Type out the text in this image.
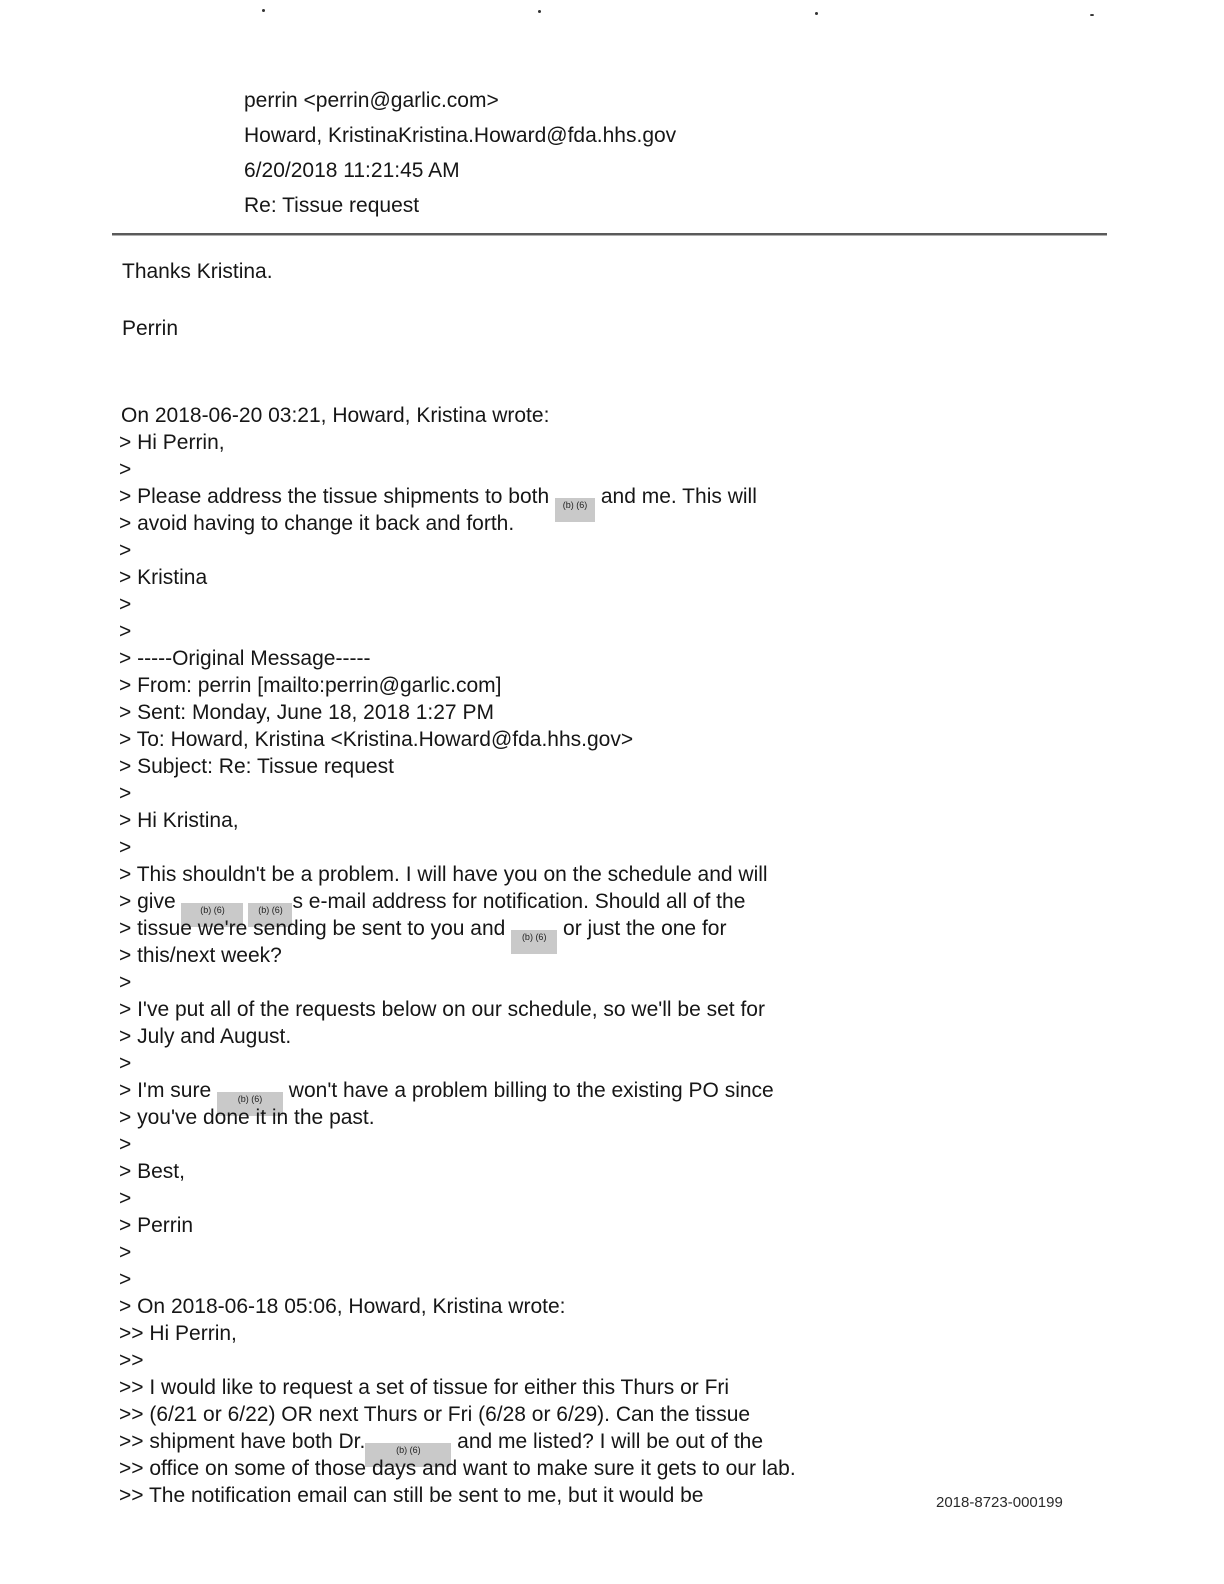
perrin <perrin@garlic.com>
Howard, KristinaKristina.Howard@fda.hhs.gov
6/20/2018 11:21:45 AM
Re: Tissue request
Thanks Kristina.
Perrin
On 2018-06-20 03:21, Howard, Kristina wrote:
> Hi Perrin,
>
> Please address the tissue shipments to both (b) (6) and me. This will
> avoid having to change it back and forth.
>
> Kristina
>
>
> -----Original Message-----
> From: perrin [mailto:perrin@garlic.com]
> Sent: Monday, June 18, 2018 1:27 PM
> To: Howard, Kristina <Kristina.Howard@fda.hhs.gov>
> Subject: Re: Tissue request
>
> Hi Kristina,
>
> This shouldn't be a problem. I will have you on the schedule and will
> give (b) (6)	(b) (6) s e-mail address for notification. Should all of the
> tissue we're sending be sent to you and (b) (6) or just the one for
> this/next week?
>
> I've put all of the requests below on our schedule, so we'll be set for
> July and August.
>
> I'm sure (b) (6) won't have a problem billing to the existing PO since
> you've done it in the past.
>
> Best,
>
> Perrin
>
>
> On 2018-06-18 05:06, Howard, Kristina wrote:
>> Hi Perrin,
>>
>> I would like to request a set of tissue for either this Thurs or Fri
>> (6/21 or 6/22) OR next Thurs or Fri (6/28 or 6/29). Can the tissue
>> shipment have both Dr.	(b) (6) and me listed? I will be out of the
>> office on some of those days and want to make sure it gets to our lab.
>> The notification email can still be sent to me, but it would be	2018-8723-000199
